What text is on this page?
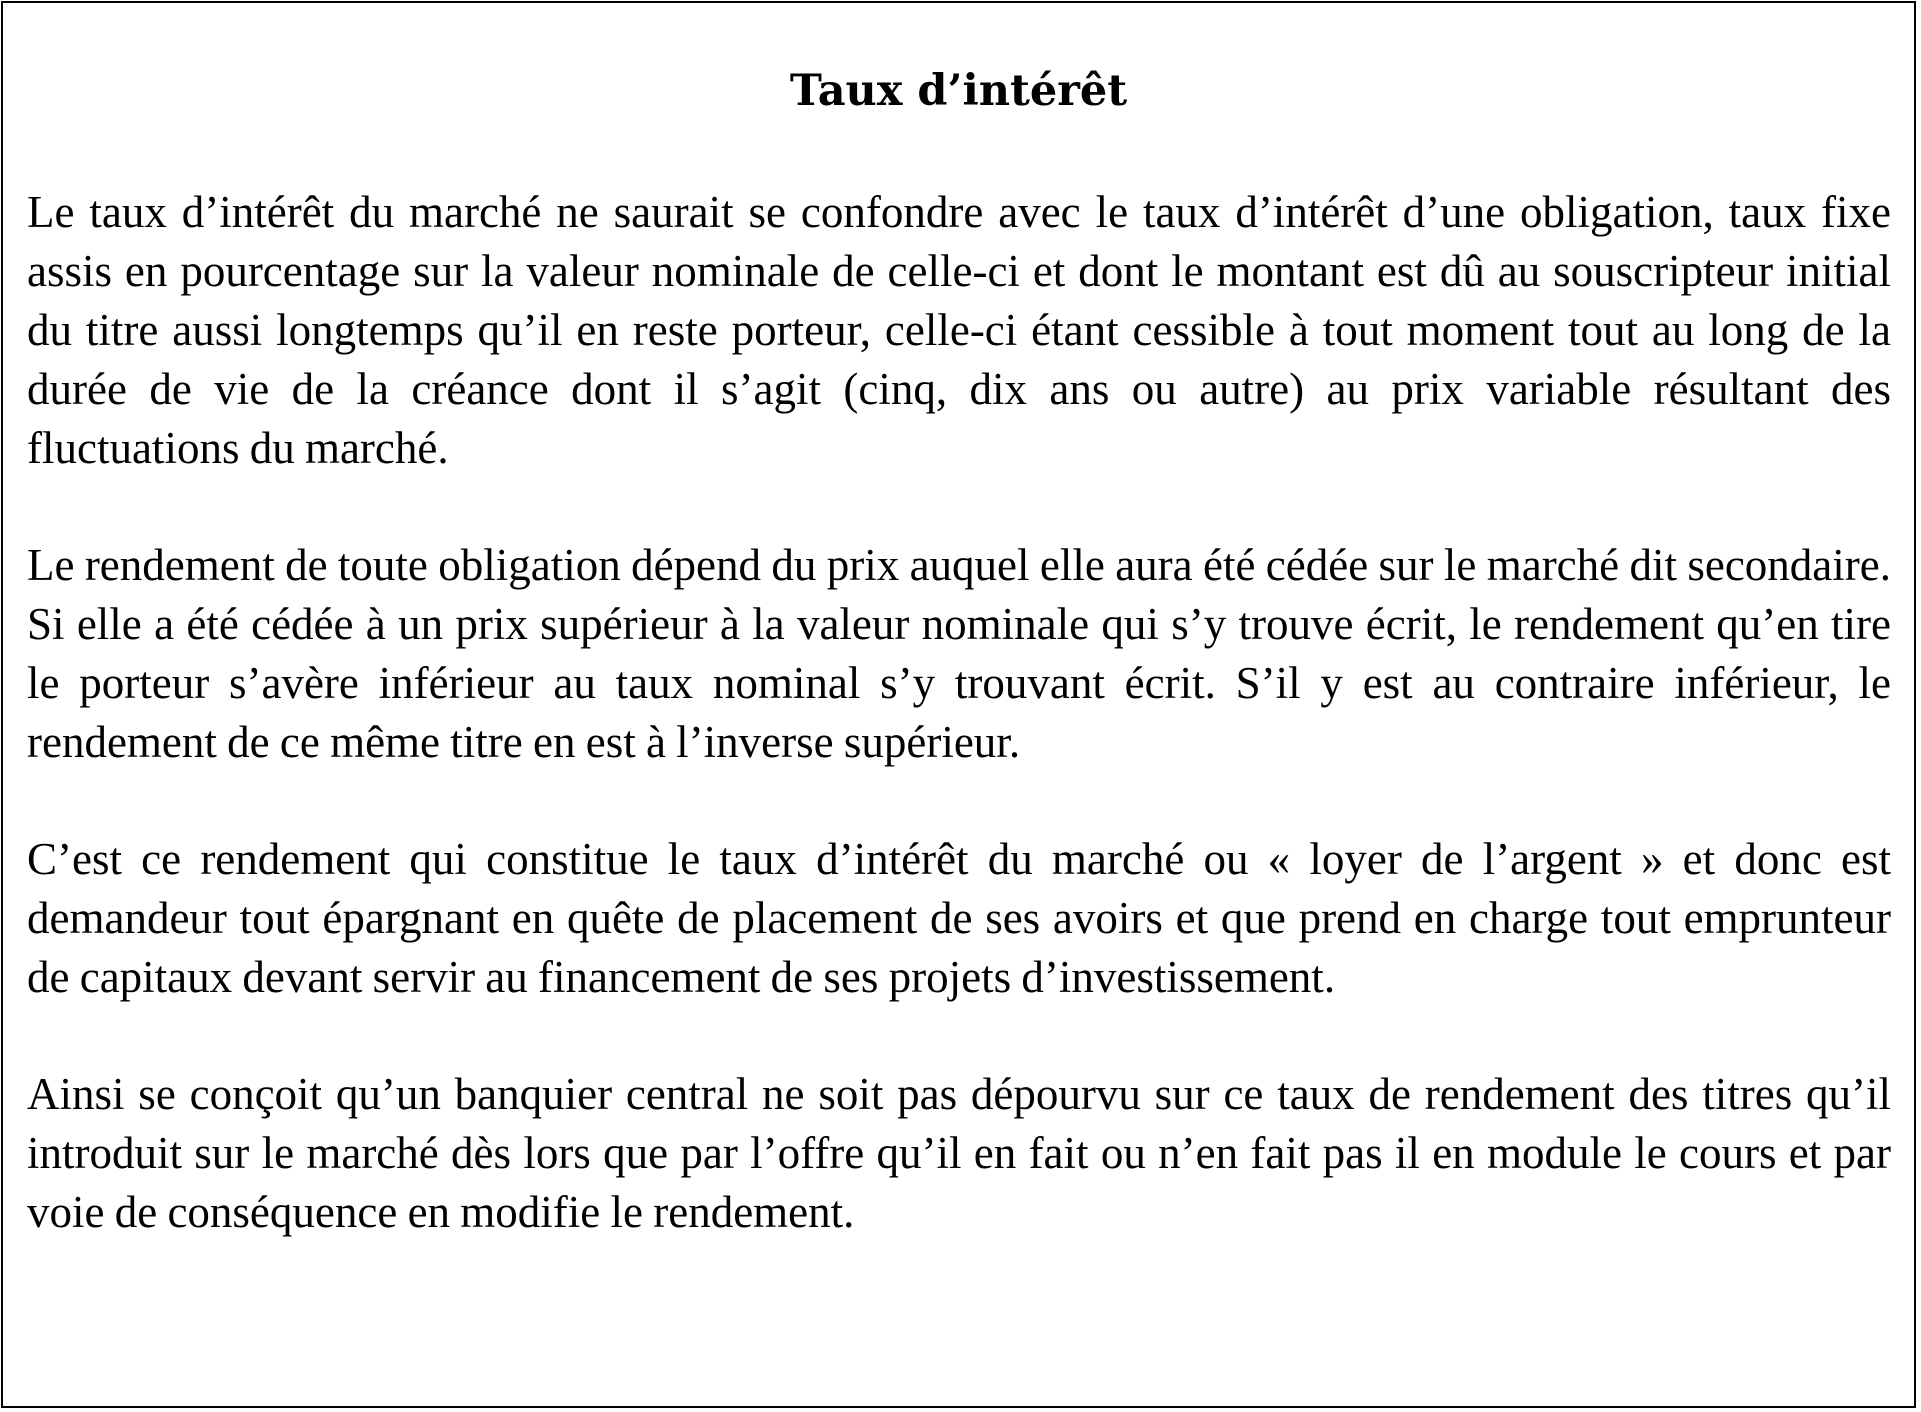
Taux d’intérêt

Le taux d’intérêt du marché ne saurait se confondre avec le taux d’intérêt d’une obligation, taux fixe assis en pourcentage sur la valeur nominale de celle-ci et dont le montant est dû au souscripteur initial du titre aussi longtemps qu’il en reste porteur, celle-ci étant cessible à tout moment tout au long de la durée de vie de la créance dont il s’agit (cinq, dix ans ou autre) au prix variable résultant des fluctuations du marché.

Le rendement de toute obligation dépend du prix auquel elle aura été cédée sur le marché dit secondaire. Si elle a été cédée à un prix supérieur à la valeur nominale qui s’y trouve écrit, le rendement qu’en tire le porteur s’avère inférieur au taux nominal s’y trouvant écrit. S’il y est au contraire inférieur, le rendement de ce même titre en est à l’inverse supérieur.

C’est ce rendement qui constitue le taux d’intérêt du marché ou « loyer de l’argent » et donc est demandeur tout épargnant en quête de placement de ses avoirs et que prend en charge tout emprunteur de capitaux devant servir au financement de ses projets d’investissement.

Ainsi se conçoit qu’un banquier central ne soit pas dépourvu sur ce taux de rendement des titres qu’il introduit sur le marché dès lors que par l’offre qu’il en fait ou n’en fait pas il en module le cours et par voie de conséquence en modifie le rendement.
